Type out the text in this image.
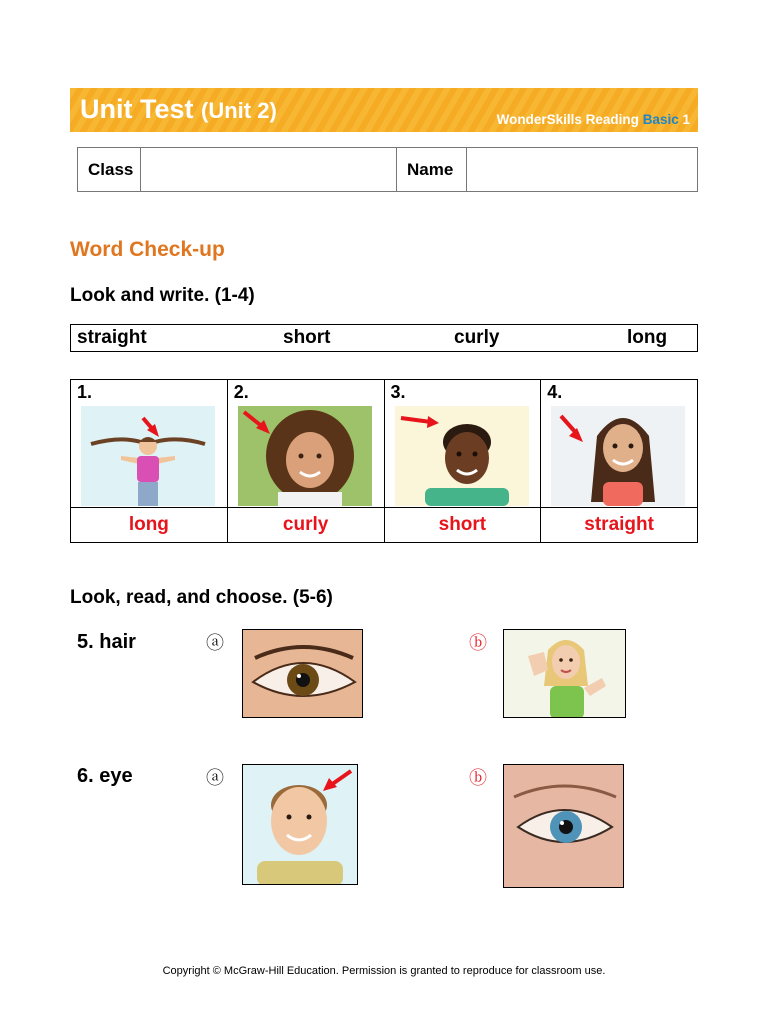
Unit Test (Unit 2)	WonderSkills Reading Basic 1
Class		Name	
Word Check-up
Look and write. (1-4)
straight	short	curly	long
1.	2.	3.	4.

long	curly	short	straight
Look, read, and choose. (5-6)
5. hair	ⓐ	ⓑ
6. eye	ⓐ	ⓑ
Copyright © McGraw-Hill Education. Permission is granted to reproduce for classroom use.
